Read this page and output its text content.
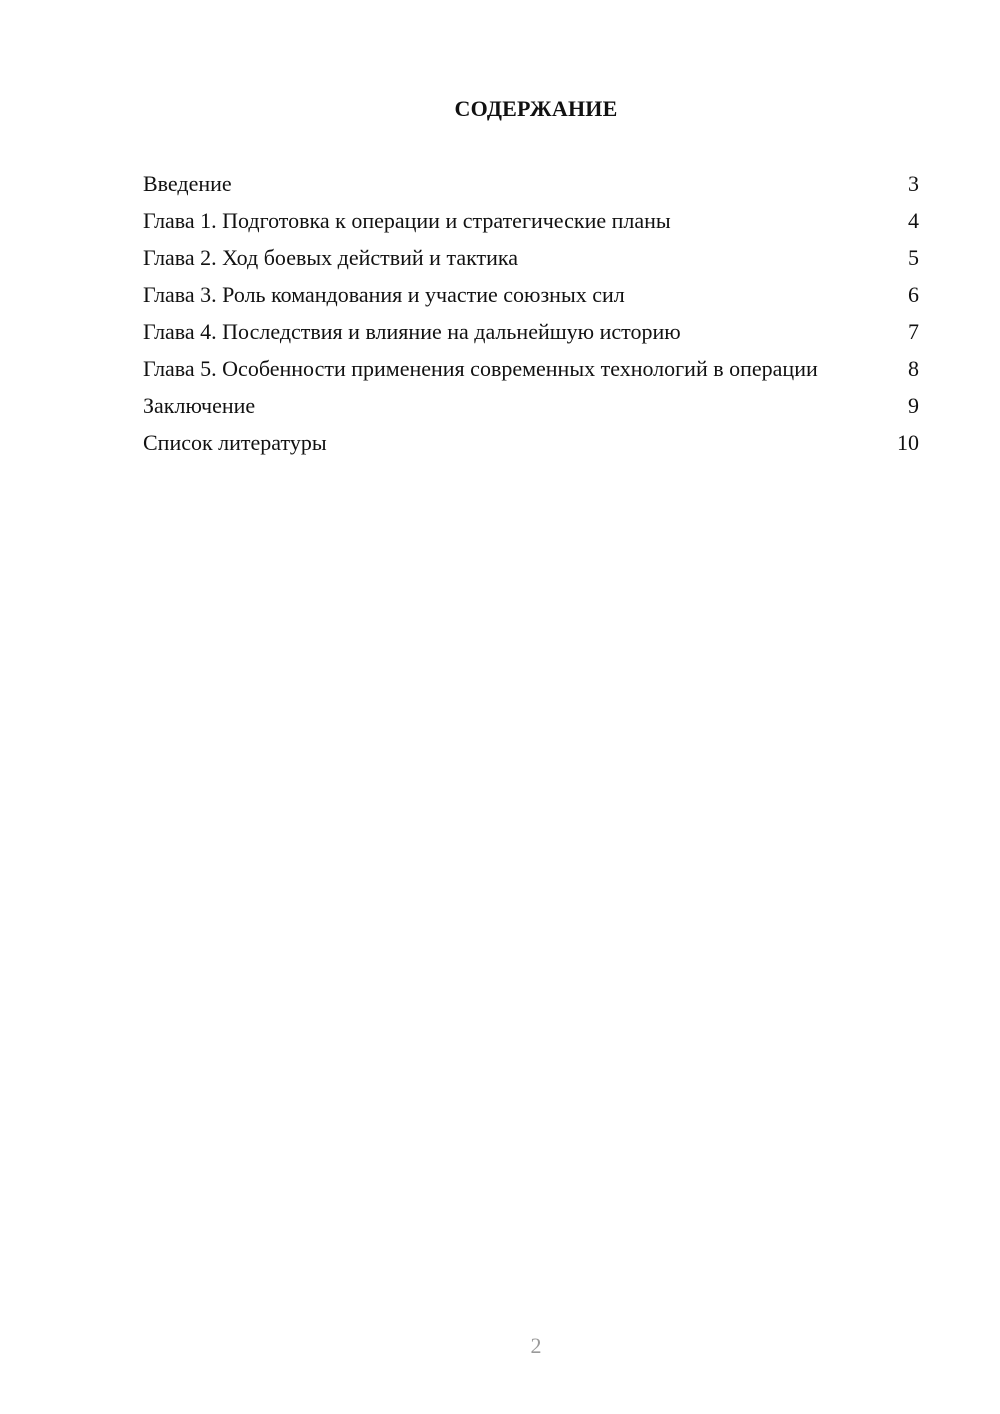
СОДЕРЖАНИЕ
Введение	3
Глава 1. Подготовка к операции и стратегические планы	4
Глава 2. Ход боевых действий и тактика	5
Глава 3. Роль командования и участие союзных сил	6
Глава 4. Последствия и влияние на дальнейшую историю	7
Глава 5. Особенности применения современных технологий в операции	8
Заключение	9
Список литературы	10
2
